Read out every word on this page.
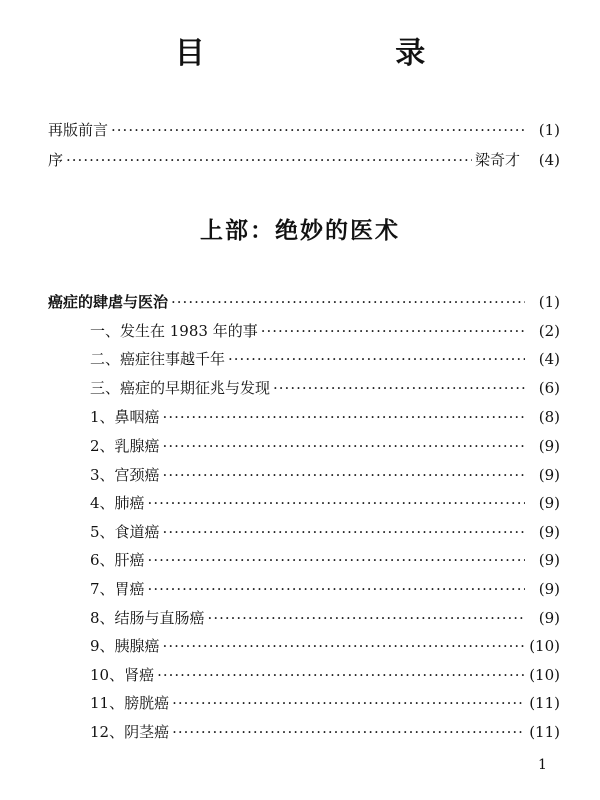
目 录
再版前言 ·····	(1)
序 ·····	梁奇才	(4)
上部：绝妙的医术
癌症的肆虐与医治 ·····	(1)
一、发生在 1983 年的事 ·····	(2)
二、癌症往事越千年 ·····	(4)
三、癌症的早期征兆与发现 ·····	(6)
1、鼻咽癌 ·····	(8)
2、乳腺癌 ·····	(9)
3、宫颈癌 ·····	(9)
4、肺癌 ·····	(9)
5、食道癌 ·····	(9)
6、肝癌 ·····	(9)
7、胃癌 ·····	(9)
8、结肠与直肠癌 ·····	(9)
9、胰腺癌 ·····	(10)
10、肾癌 ·····	(10)
11、膀胱癌 ·····	(11)
12、阴茎癌 ·····	(11)
1
